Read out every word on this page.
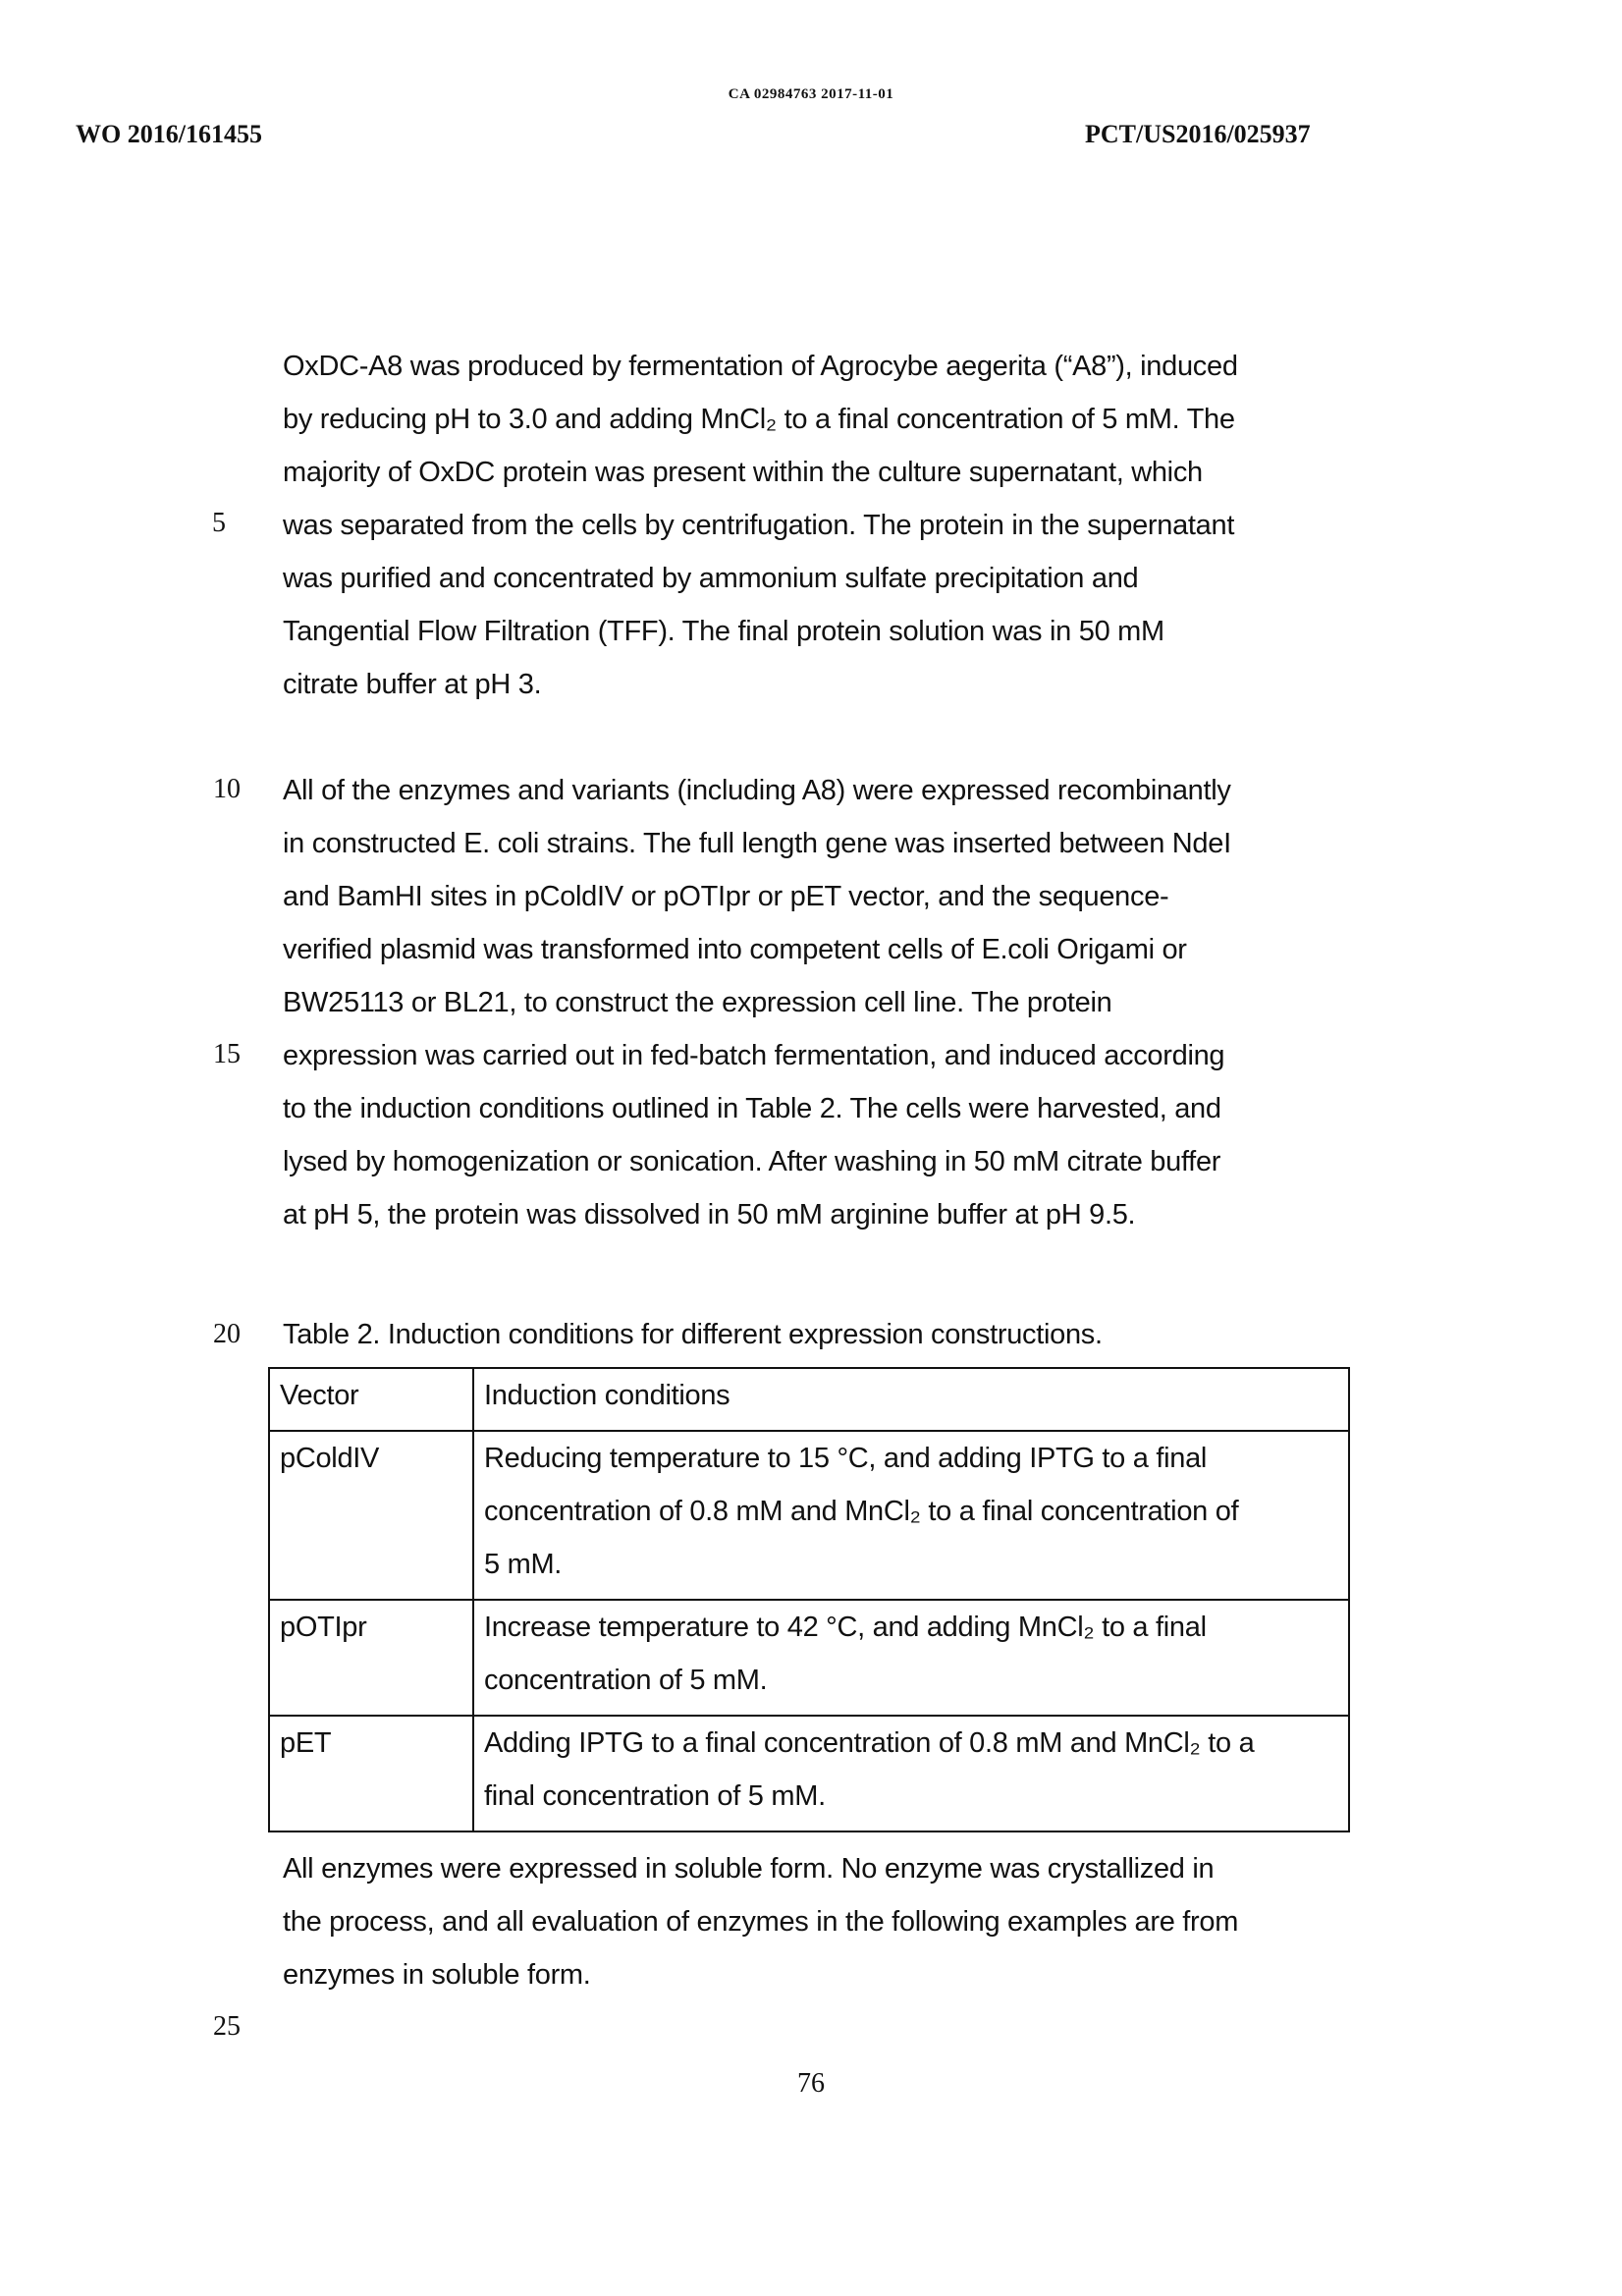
CA 02984763 2017-11-01
WO 2016/161455	PCT/US2016/025937
OxDC-A8 was produced by fermentation of Agrocybe aegerita (“A8”), induced
by reducing pH to 3.0 and adding MnCl₂ to a final concentration of 5 mM. The
majority of OxDC protein was present within the culture supernatant, which
was separated from the cells by centrifugation. The protein in the supernatant
was purified and concentrated by ammonium sulfate precipitation and
Tangential Flow Filtration (TFF). The final protein solution was in 50 mM
citrate buffer at pH 3.
All of the enzymes and variants (including A8) were expressed recombinantly
in constructed E. coli strains. The full length gene was inserted between NdeI
and BamHI sites in pColdIV or pOTIpr or pET vector, and the sequence-
verified plasmid was transformed into competent cells of E.coli Origami or
BW25113 or BL21, to construct the expression cell line. The protein
expression was carried out in fed-batch fermentation, and induced according
to the induction conditions outlined in Table 2. The cells were harvested, and
lysed by homogenization or sonication. After washing in 50 mM citrate buffer
at pH 5, the protein was dissolved in 50 mM arginine buffer at pH 9.5.
Table 2. Induction conditions for different expression constructions.
Vector	Induction conditions
pColdIV	Reducing temperature to 15 °C, and adding IPTG to a final
concentration of 0.8 mM and MnCl₂ to a final concentration of
5 mM.

pOTIpr	Increase temperature to 42 °C, and adding MnCl₂ to a final
concentration of 5 mM.

pET	Adding IPTG to a final concentration of 0.8 mM and MnCl₂ to a
final concentration of 5 mM.
All enzymes were expressed in soluble form. No enzyme was crystallized in
the process, and all evaluation of enzymes in the following examples are from
enzymes in soluble form.
5
10
15
20
25
76
